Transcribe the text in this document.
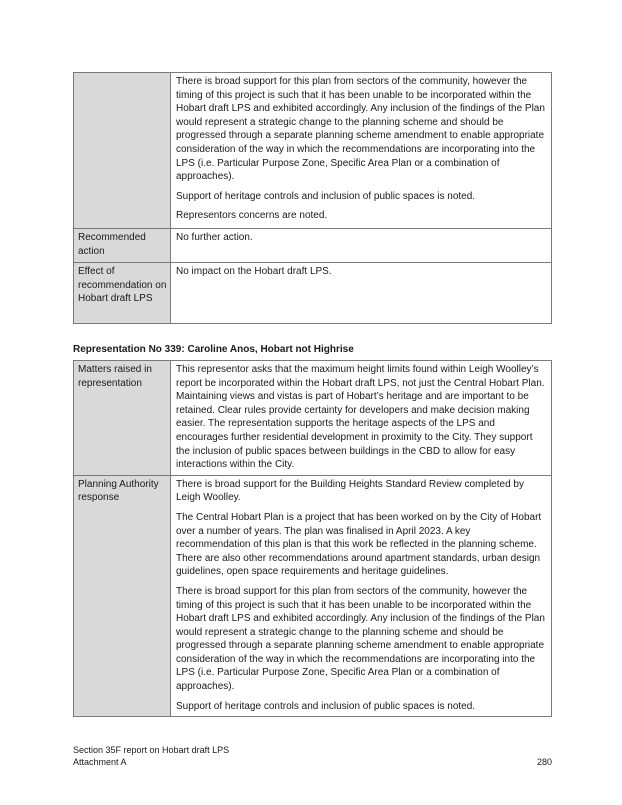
	There is broad support for this plan from sectors of the community, however the timing of this project is such that it has been unable to be incorporated within the Hobart draft LPS and exhibited accordingly. Any inclusion of the findings of the Plan would represent a strategic change to the planning scheme and should be progressed through a separate planning scheme amendment to enable appropriate consideration of the way in which the recommendations are incorporating into the LPS (i.e. Particular Purpose Zone, Specific Area Plan or a combination of approaches).

Support of heritage controls and inclusion of public spaces is noted.

Representors concerns are noted.

Recommended action	No further action.

Effect of recommendation on Hobart draft LPS	No impact on the Hobart draft LPS.

Representation No 339: Caroline Anos, Hobart not Highrise

Matters raised in representation	This representor asks that the maximum height limits found within Leigh Woolley’s report be incorporated within the Hobart draft LPS, not just the Central Hobart Plan. Maintaining views and vistas is part of Hobart’s heritage and are important to be retained. Clear rules provide certainty for developers and make decision making easier. The representation supports the heritage aspects of the LPS and encourages further residential development in proximity to the City. They support the inclusion of public spaces between buildings in the CBD to allow for easy interactions within the City.

Planning Authority response	There is broad support for the Building Heights Standard Review completed by Leigh Woolley.

The Central Hobart Plan is a project that has been worked on by the City of Hobart over a number of years. The plan was finalised in April 2023. A key recommendation of this plan is that this work be reflected in the planning scheme. There are also other recommendations around apartment standards, urban design guidelines, open space requirements and heritage guidelines.

There is broad support for this plan from sectors of the community, however the timing of this project is such that it has been unable to be incorporated within the Hobart draft LPS and exhibited accordingly. Any inclusion of the findings of the Plan would represent a strategic change to the planning scheme and should be progressed through a separate planning scheme amendment to enable appropriate consideration of the way in which the recommendations are incorporating into the LPS (i.e. Particular Purpose Zone, Specific Area Plan or a combination of approaches).

Support of heritage controls and inclusion of public spaces is noted.

Section 35F report on Hobart draft LPS
Attachment A	280
